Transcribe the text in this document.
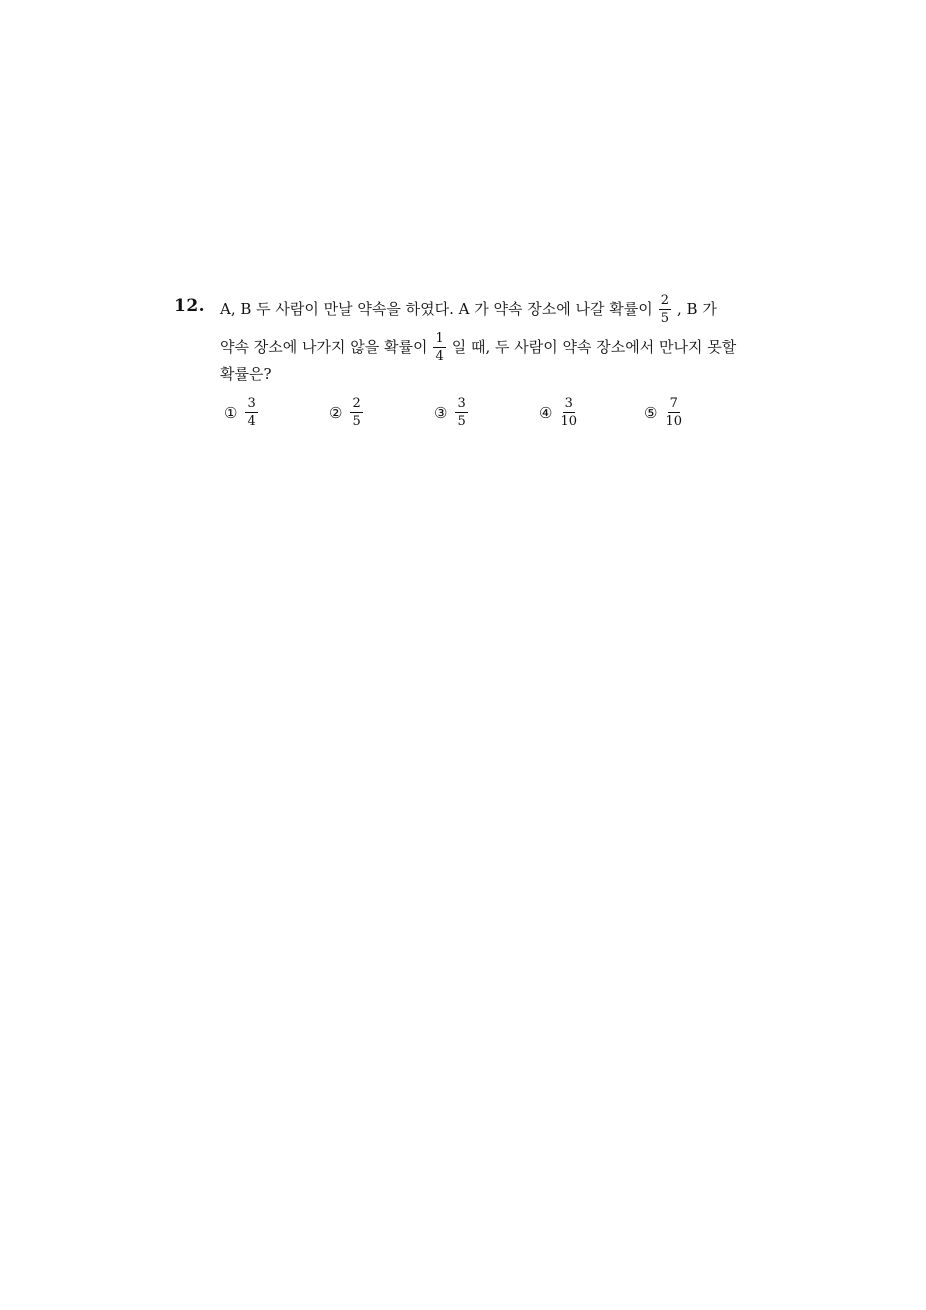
12. A, B 두 사람이 만날 약속을 하였다. A 가 약속 장소에 나갈 확률이 $\frac{2}{5}$ , B 가
약속 장소에 나가지 않을 확률이 $\frac{1}{4}$ 일 때, 두 사람이 약속 장소에서 만나지 못할
확률은?
① $\frac{3}{4}$	② $\frac{2}{5}$	③ $\frac{3}{5}$	④ $\frac{3}{10}$	⑤ $\frac{7}{10}$
